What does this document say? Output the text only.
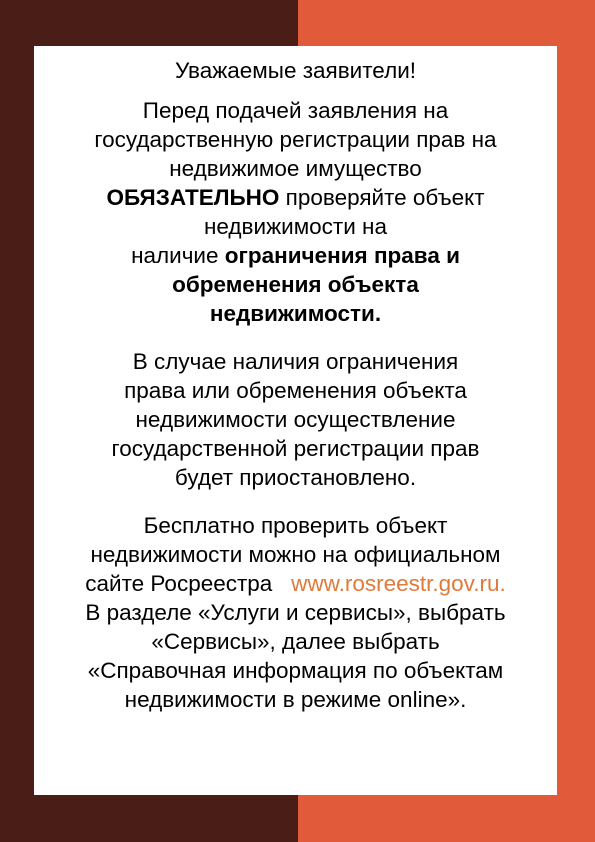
Уважаемые заявители!

Перед подачей заявления на
государственную регистрации прав на
недвижимое имущество
ОБЯЗАТЕЛЬНО проверяйте объект
недвижимости на
наличие ограничения права и
обременения объекта
недвижимости.

В случае наличия ограничения
права или обременения объекта
недвижимости осуществление
государственной регистрации прав
будет приостановлено.

Бесплатно проверить объект
недвижимости можно на официальном
сайте Росреестра   www.rosreestr.gov.ru.
В разделе «Услуги и сервисы», выбрать
«Сервисы», далее выбрать
«Справочная информация по объектам
недвижимости в режиме online».
